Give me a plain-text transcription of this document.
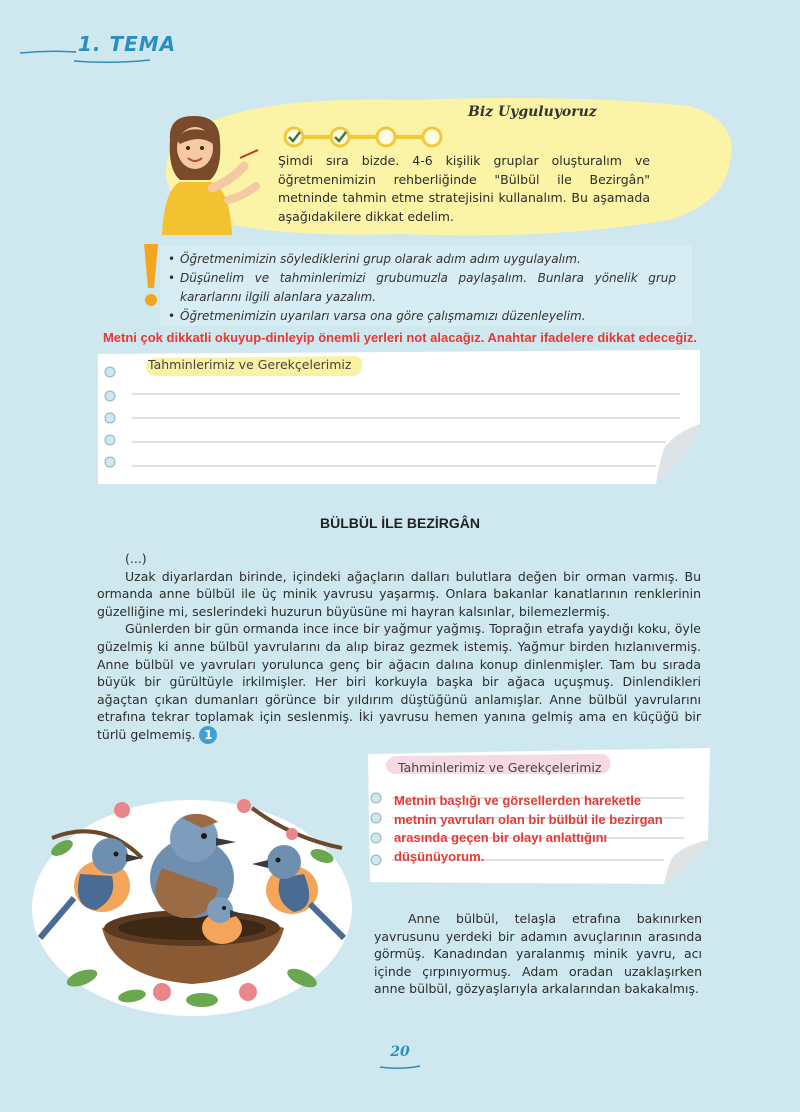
1. TEMA
Biz Uyguluyoruz
Şimdi sıra bizde. 4-6 kişilik gruplar oluşturalım ve öğretmenimizin rehberliğinde "Bülbül ile Bezirgân" metninde tahmin etme stratejisini kullanalım. Bu aşamada aşağıdakilere dikkat edelim.
• Öğretmenimizin söylediklerini grup olarak adım adım uygulayalım.
• Düşünelim ve tahminlerimizi grubumuzla paylaşalım. Bunlara yönelik grup kararlarını ilgili alanlara yazalım.
• Öğretmenimizin uyarıları varsa ona göre çalışmamızı düzenleyelim.
Metni çok dikkatli okuyup-dinleyip önemli yerleri not alacağız. Anahtar ifadelere dikkat edeceğiz.
Tahminlerimiz ve Gerekçelerimiz
BÜLBÜL İLE BEZİRGÂN
(...)

Uzak diyarlardan birinde, içindeki ağaçların dalları bulutlara değen bir orman varmış. Bu ormanda anne bülbül ile üç minik yavrusu yaşarmış. Onlara bakanlar kanatlarının renklerinin güzelliğine mi, seslerindeki huzurun büyüsüne mi hayran kalsınlar, bilemezlermiş.

Günlerden bir gün ormanda ince ince bir yağmur yağmış. Toprağın etrafa yaydığı koku, öyle güzelmiş ki anne bülbül yavrularını da alıp biraz gezmek istemiş. Yağmur birden hızlanıvermiş. Anne bülbül ve yavruları yorulunca genç bir ağacın dalına konup dinlenmişler. Tam bu sırada büyük bir gürültüyle irkilmişler. Her biri korkuyla başka bir ağaca uçuşmuş. Dinlendikleri ağaçtan çıkan dumanları görünce bir yıldırım düştüğünü anlamışlar. Anne bülbül yavrularını etrafına tekrar toplamak için seslenmiş. İki yavrusu hemen yanına gelmiş ama en küçüğü bir türlü gelmemiş. 1

Tahminlerimiz ve Gerekçelerimiz
Metnin başlığı ve görsellerden hareketle metnin yavruları olan bir bülbül ile bezirgan arasında geçen bir olayı anlattığını düşünüyorum.

Anne bülbül, telaşla etrafına bakınırken yavrusunu yerdeki bir adamın avuçlarının arasında görmüş. Kanadından yaralanmış minik yavru, acı içinde çırpınıyormuş. Adam oradan uzaklaşırken anne bülbül, gözyaşlarıyla arkalarından bakakalmış.

20
